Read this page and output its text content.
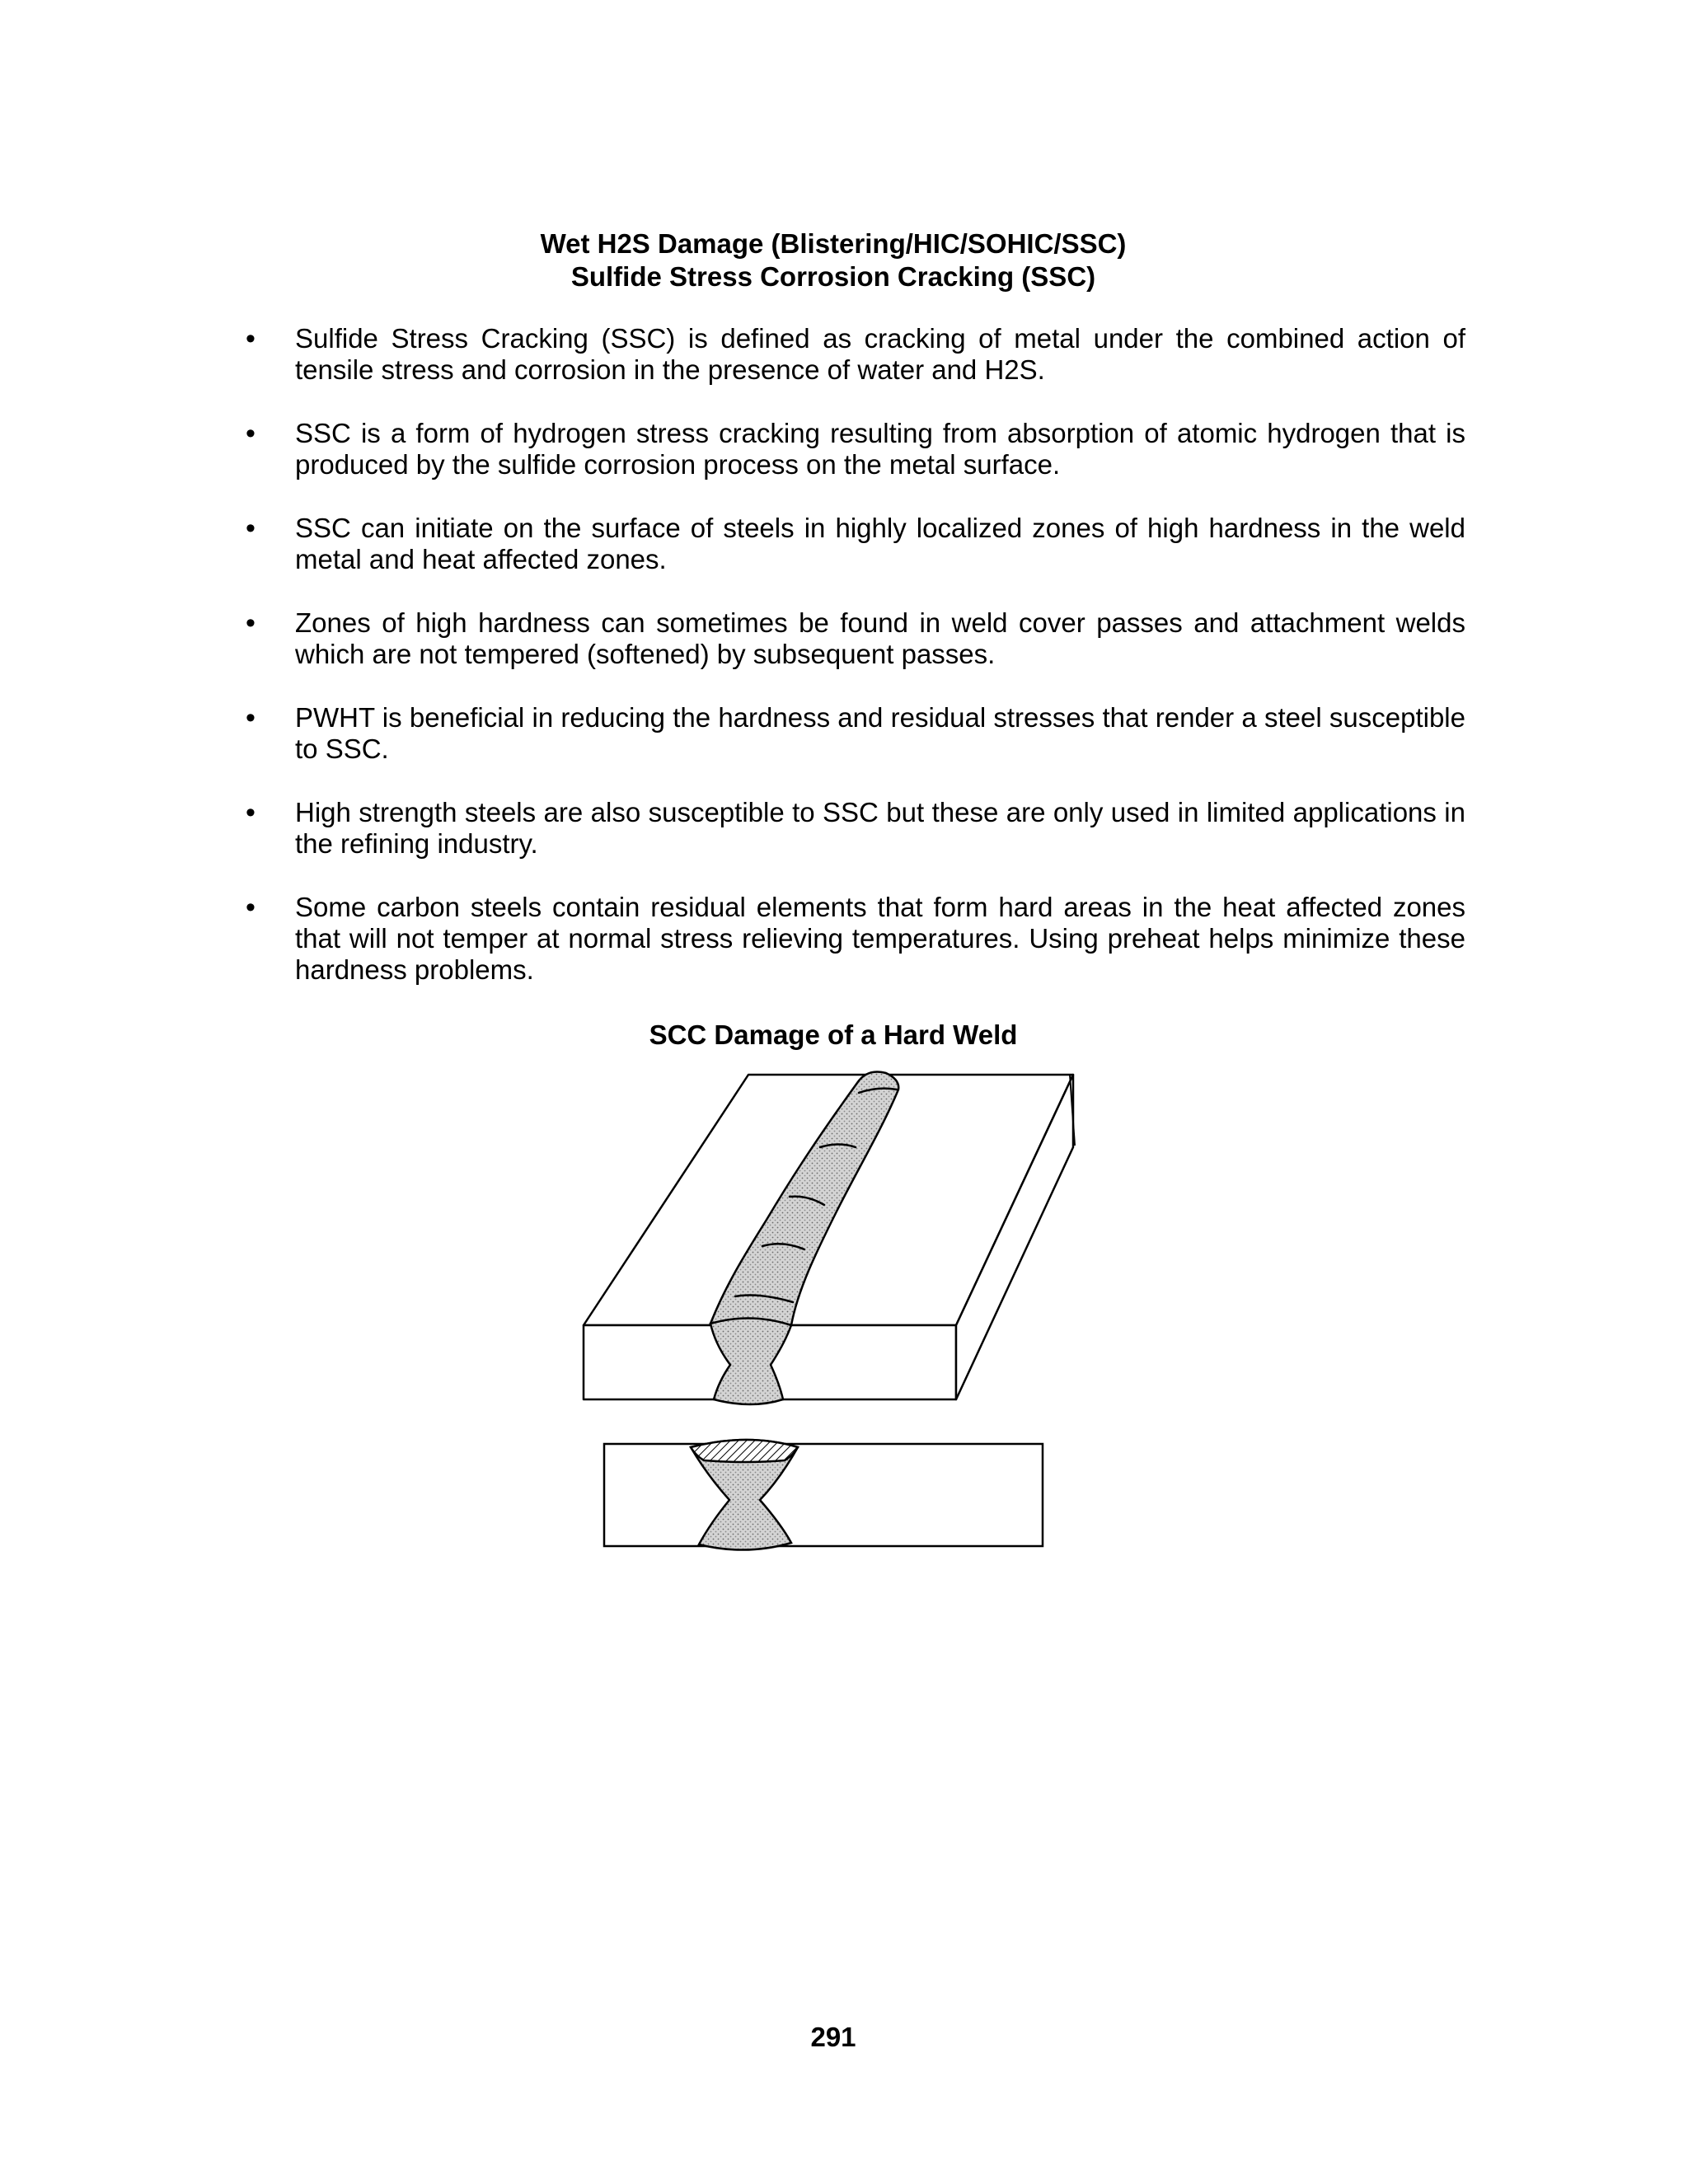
Wet H2S Damage (Blistering/HIC/SOHIC/SSC)
Sulfide Stress Corrosion Cracking (SSC)
• Sulfide Stress Cracking (SSC) is defined as cracking of metal under the combined action of tensile stress and corrosion in the presence of water and H2S.
• SSC is a form of hydrogen stress cracking resulting from absorption of atomic hydrogen that is produced by the sulfide corrosion process on the metal surface.
• SSC can initiate on the surface of steels in highly localized zones of high hardness in the weld metal and heat affected zones.
• Zones of high hardness can sometimes be found in weld cover passes and attachment welds which are not tempered (softened) by subsequent passes.
• PWHT is beneficial in reducing the hardness and residual stresses that render a steel susceptible to SSC.
• High strength steels are also susceptible to SSC but these are only used in limited applications in the refining industry.
• Some carbon steels contain residual elements that form hard areas in the heat affected zones that will not temper at normal stress relieving temperatures. Using preheat helps minimize these hardness problems.
SCC Damage of a Hard Weld
291
